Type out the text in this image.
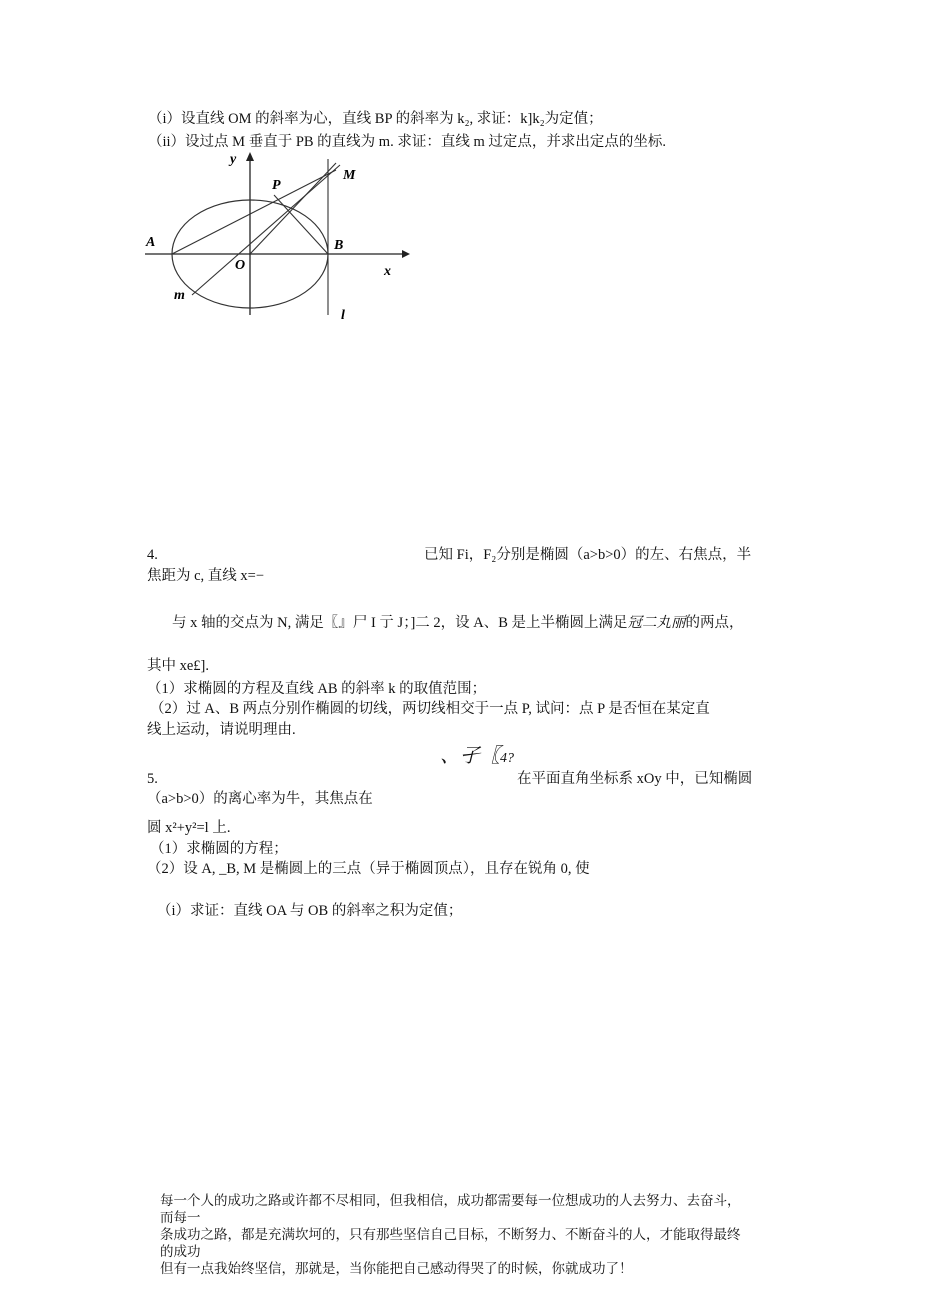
（i）设直线 OM 的斜率为心，直线 BP 的斜率为 k₂, 求证：k]k₂为定值；
（ii）设过点 M 垂直于 PB 的直线为 m. 求证：直线 m 过定点，并求出定点的坐标.
y
x
P
M
A	B
O
m
l
4.	已知 Fi，F₂分别是椭圆（a>b>0）的左、右焦点，半
焦距为 c, 直线 x=−
与 x 轴的交点为 N, 满足〖』尸 I 亍 J；]二 2，设 A、B 是上半椭圆上满足冠二丸丽的两点，
其中 xe£].
（1）求椭圆的方程及直线 AB 的斜率 k 的取值范围；
（2）过 A、B 两点分别作椭圆的切线，两切线相交于一点 P, 试问：点 P 是否恒在某定直
线上运动，请说明理由.
、孑〖4?
5.	在平面直角坐标系 xOy 中，已知椭圆
（a>b>0）的离心率为牛，其焦点在
圆 x²+y²=l 上.
（1）求椭圆的方程；
（2）设 A, _B, M 是椭圆上的三点（异于椭圆顶点），且存在锐角 0, 使
（i）求证：直线 OA 与 OB 的斜率之积为定值；
每一个人的成功之路或许都不尽相同，但我相信，成功都需要每一位想成功的人去努力、去奋斗，
而每一
条成功之路，都是充满坎坷的，只有那些坚信自己目标，不断努力、不断奋斗的人，才能取得最终
的成功
但有一点我始终坚信，那就是，当你能把自己感动得哭了的时候，你就成功了！
